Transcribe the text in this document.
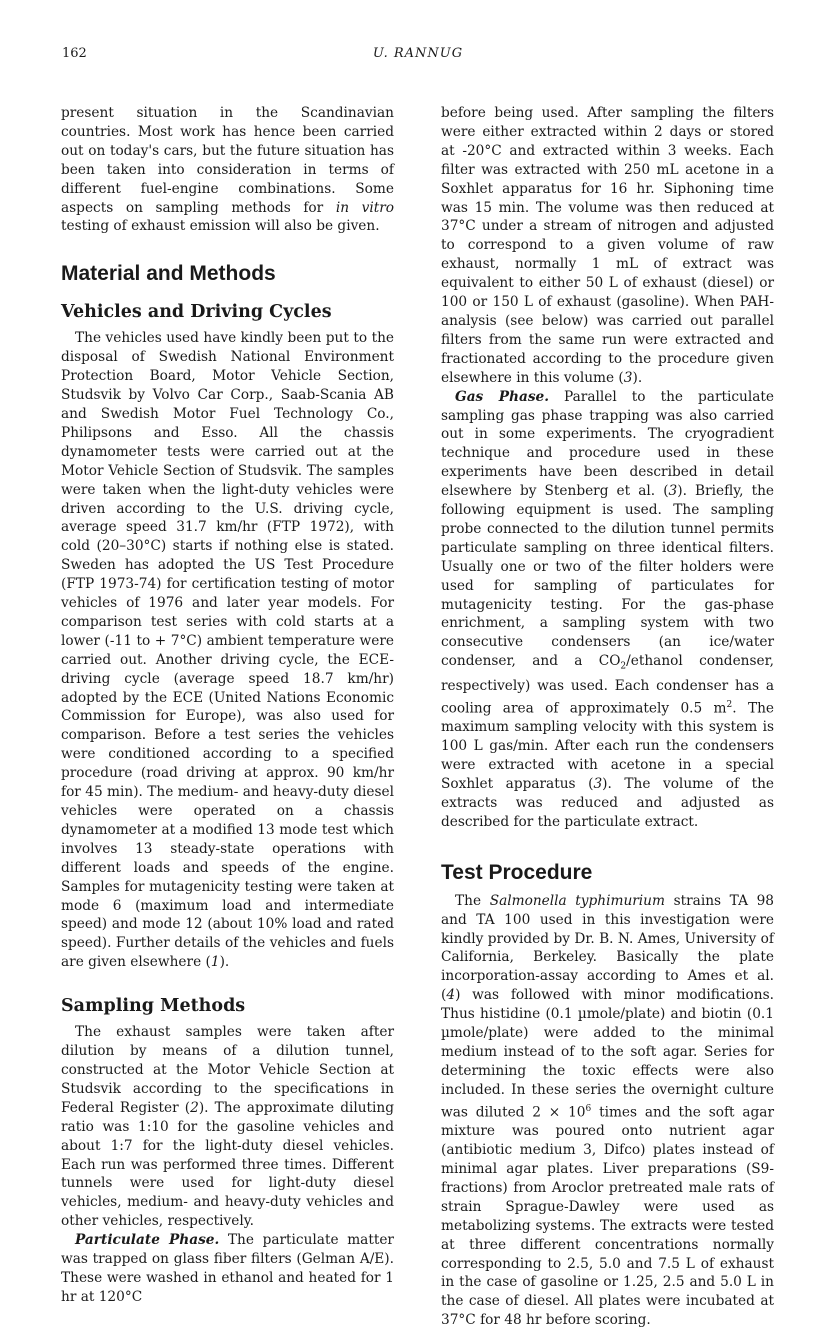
162	U. RANNUG

present situation in the Scandinavian countries. Most work has hence been carried out on today's cars, but the future situation has been taken into consideration in terms of different fuel-engine combinations. Some aspects on sampling methods for in vitro testing of exhaust emission will also be given.

Material and Methods
Vehicles and Driving Cycles

The vehicles used have kindly been put to the disposal of Swedish National Environment Protection Board, Motor Vehicle Section, Studsvik by Volvo Car Corp., Saab-Scania AB and Swedish Motor Fuel Technology Co., Philipsons and Esso. All the chassis dynamometer tests were carried out at the Motor Vehicle Section of Studsvik. The samples were taken when the light-duty vehicles were driven according to the U.S. driving cycle, average speed 31.7 km/hr (FTP 1972), with cold (20–30°C) starts if nothing else is stated. Sweden has adopted the US Test Procedure (FTP 1973-74) for certification testing of motor vehicles of 1976 and later year models. For comparison test series with cold starts at a lower (-11 to + 7°C) ambient temperature were carried out. Another driving cycle, the ECE-driving cycle (average speed 18.7 km/hr) adopted by the ECE (United Nations Economic Commission for Europe), was also used for comparison. Before a test series the vehicles were conditioned according to a specified procedure (road driving at approx. 90 km/hr for 45 min). The medium- and heavy-duty diesel vehicles were operated on a chassis dynamometer at a modified 13 mode test which involves 13 steady-state operations with different loads and speeds of the engine. Samples for mutagenicity testing were taken at mode 6 (maximum load and intermediate speed) and mode 12 (about 10% load and rated speed). Further details of the vehicles and fuels are given elsewhere (1).

Sampling Methods

The exhaust samples were taken after dilution by means of a dilution tunnel, constructed at the Motor Vehicle Section at Studsvik according to the specifications in Federal Register (2). The approximate diluting ratio was 1:10 for the gasoline vehicles and about 1:7 for the light-duty diesel vehicles. Each run was performed three times. Different tunnels were used for light-duty diesel vehicles, medium- and heavy-duty vehicles and other vehicles, respectively.

Particulate Phase. The particulate matter was trapped on glass fiber filters (Gelman A/E). These were washed in ethanol and heated for 1 hr at 120°C

before being used. After sampling the filters were either extracted within 2 days or stored at -20°C and extracted within 3 weeks. Each filter was extracted with 250 mL acetone in a Soxhlet apparatus for 16 hr. Siphoning time was 15 min. The volume was then reduced at 37°C under a stream of nitrogen and adjusted to correspond to a given volume of raw exhaust, normally 1 mL of extract was equivalent to either 50 L of exhaust (diesel) or 100 or 150 L of exhaust (gasoline). When PAH-analysis (see below) was carried out parallel filters from the same run were extracted and fractionated according to the procedure given elsewhere in this volume (3).

Gas Phase. Parallel to the particulate sampling gas phase trapping was also carried out in some experiments. The cryogradient technique and procedure used in these experiments have been described in detail elsewhere by Stenberg et al. (3). Briefly, the following equipment is used. The sampling probe connected to the dilution tunnel permits particulate sampling on three identical filters. Usually one or two of the filter holders were used for sampling of particulates for mutagenicity testing. For the gas-phase enrichment, a sampling system with two consecutive condensers (an ice/water condenser, and a $CO_2$/ethanol condenser, respectively) was used. Each condenser has a cooling area of approximately 0.5 $m^2$. The maximum sampling velocity with this system is 100 L gas/min. After each run the condensers were extracted with acetone in a special Soxhlet apparatus (3). The volume of the extracts was reduced and adjusted as described for the particulate extract.

Test Procedure

The Salmonella typhimurium strains TA 98 and TA 100 used in this investigation were kindly provided by Dr. B. N. Ames, University of California, Berkeley. Basically the plate incorporation-assay according to Ames et al. (4) was followed with minor modifications. Thus histidine (0.1 µmole/plate) and biotin (0.1 µmole/plate) were added to the minimal medium instead of to the soft agar. Series for determining the toxic effects were also included. In these series the overnight culture was diluted $2 \times 10^6$ times and the soft agar mixture was poured onto nutrient agar (antibiotic medium 3, Difco) plates instead of minimal agar plates. Liver preparations (S9-fractions) from Aroclor pretreated male rats of strain Sprague-Dawley were used as metabolizing systems. The extracts were tested at three different concentrations normally corresponding to 2.5, 5.0 and 7.5 L of exhaust in the case of gasoline or 1.25, 2.5 and 5.0 L in the case of diesel. All plates were incubated at 37°C for 48 hr before scoring.
